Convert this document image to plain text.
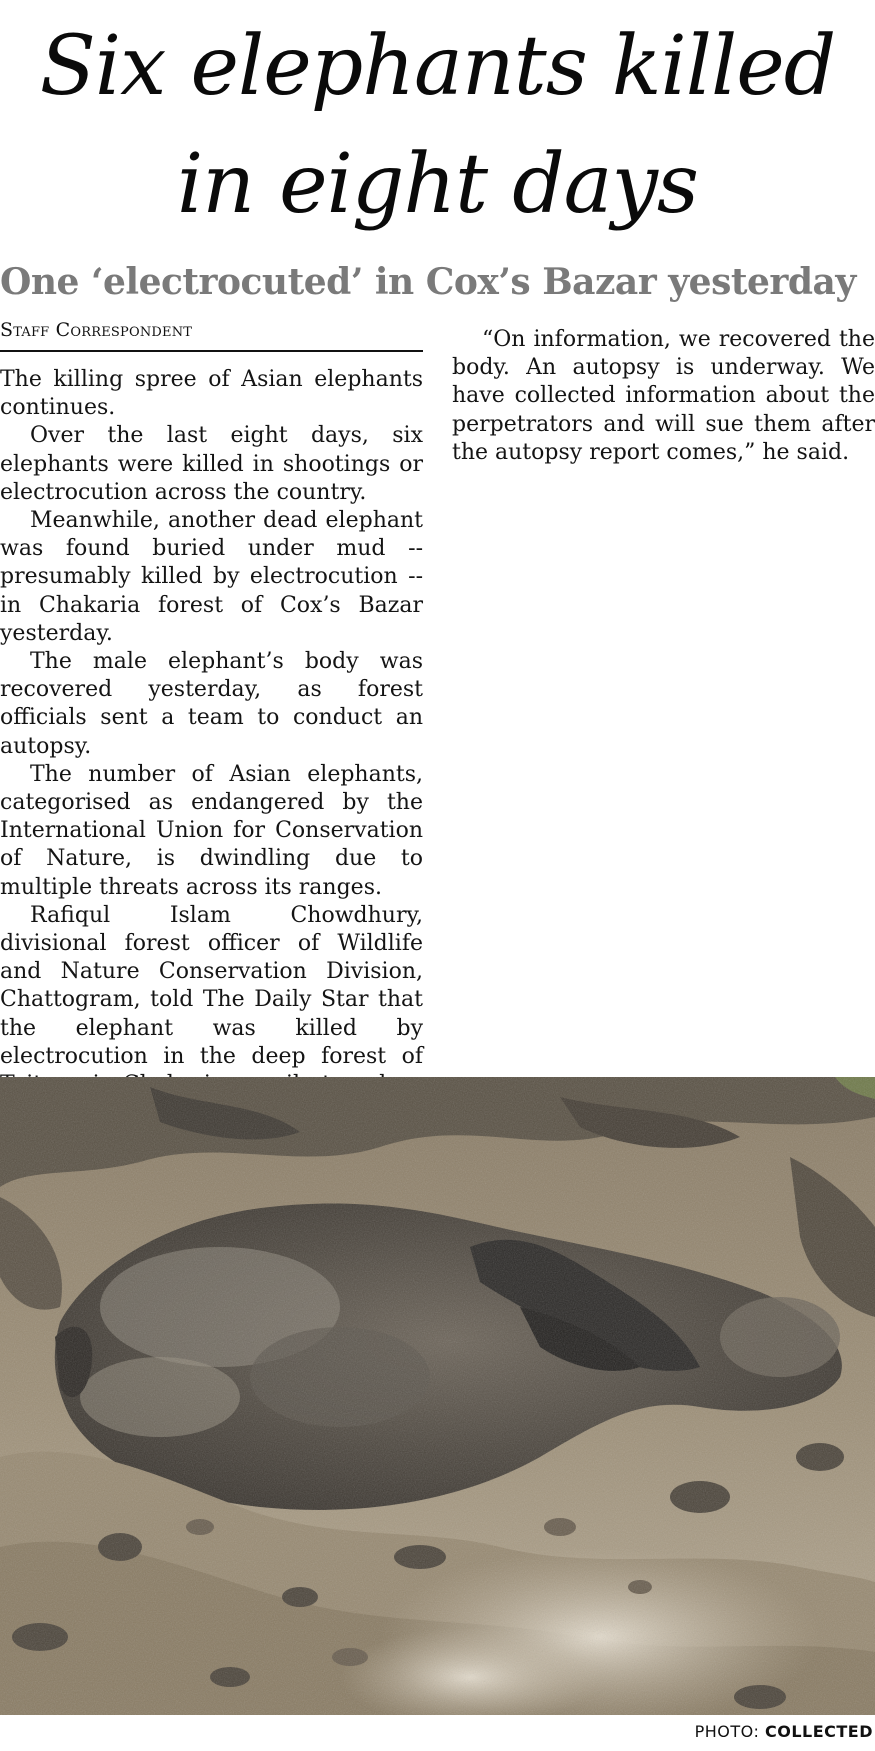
Six elephants killed
in eight days
One ‘electrocuted’ in Cox’s Bazar yesterday
Staff Correspondent

The killing spree of Asian elephants continues.

Over the last eight days, six elephants were killed in shootings or electrocution across the country.

Meanwhile, another dead elephant was found buried under mud -- presumably killed by electrocution -- in Chakaria forest of Cox’s Bazar yesterday.

The male elephant’s body was recovered yesterday, as forest officials sent a team to conduct an autopsy.

The number of Asian elephants, categorised as endangered by the International Union for Conservation of Nature, is dwindling due to multiple threats across its ranges.

Rafiqul Islam Chowdhury, divisional forest officer of Wildlife and Nature Conservation Division, Chattogram, told The Daily Star that the elephant was killed by electrocution in the deep forest of

“On information, we recovered the body. An autopsy is underway. We have collected information about the perpetrators and will sue them after the autopsy report comes,” he said.

PHOTO: COLLECTED
